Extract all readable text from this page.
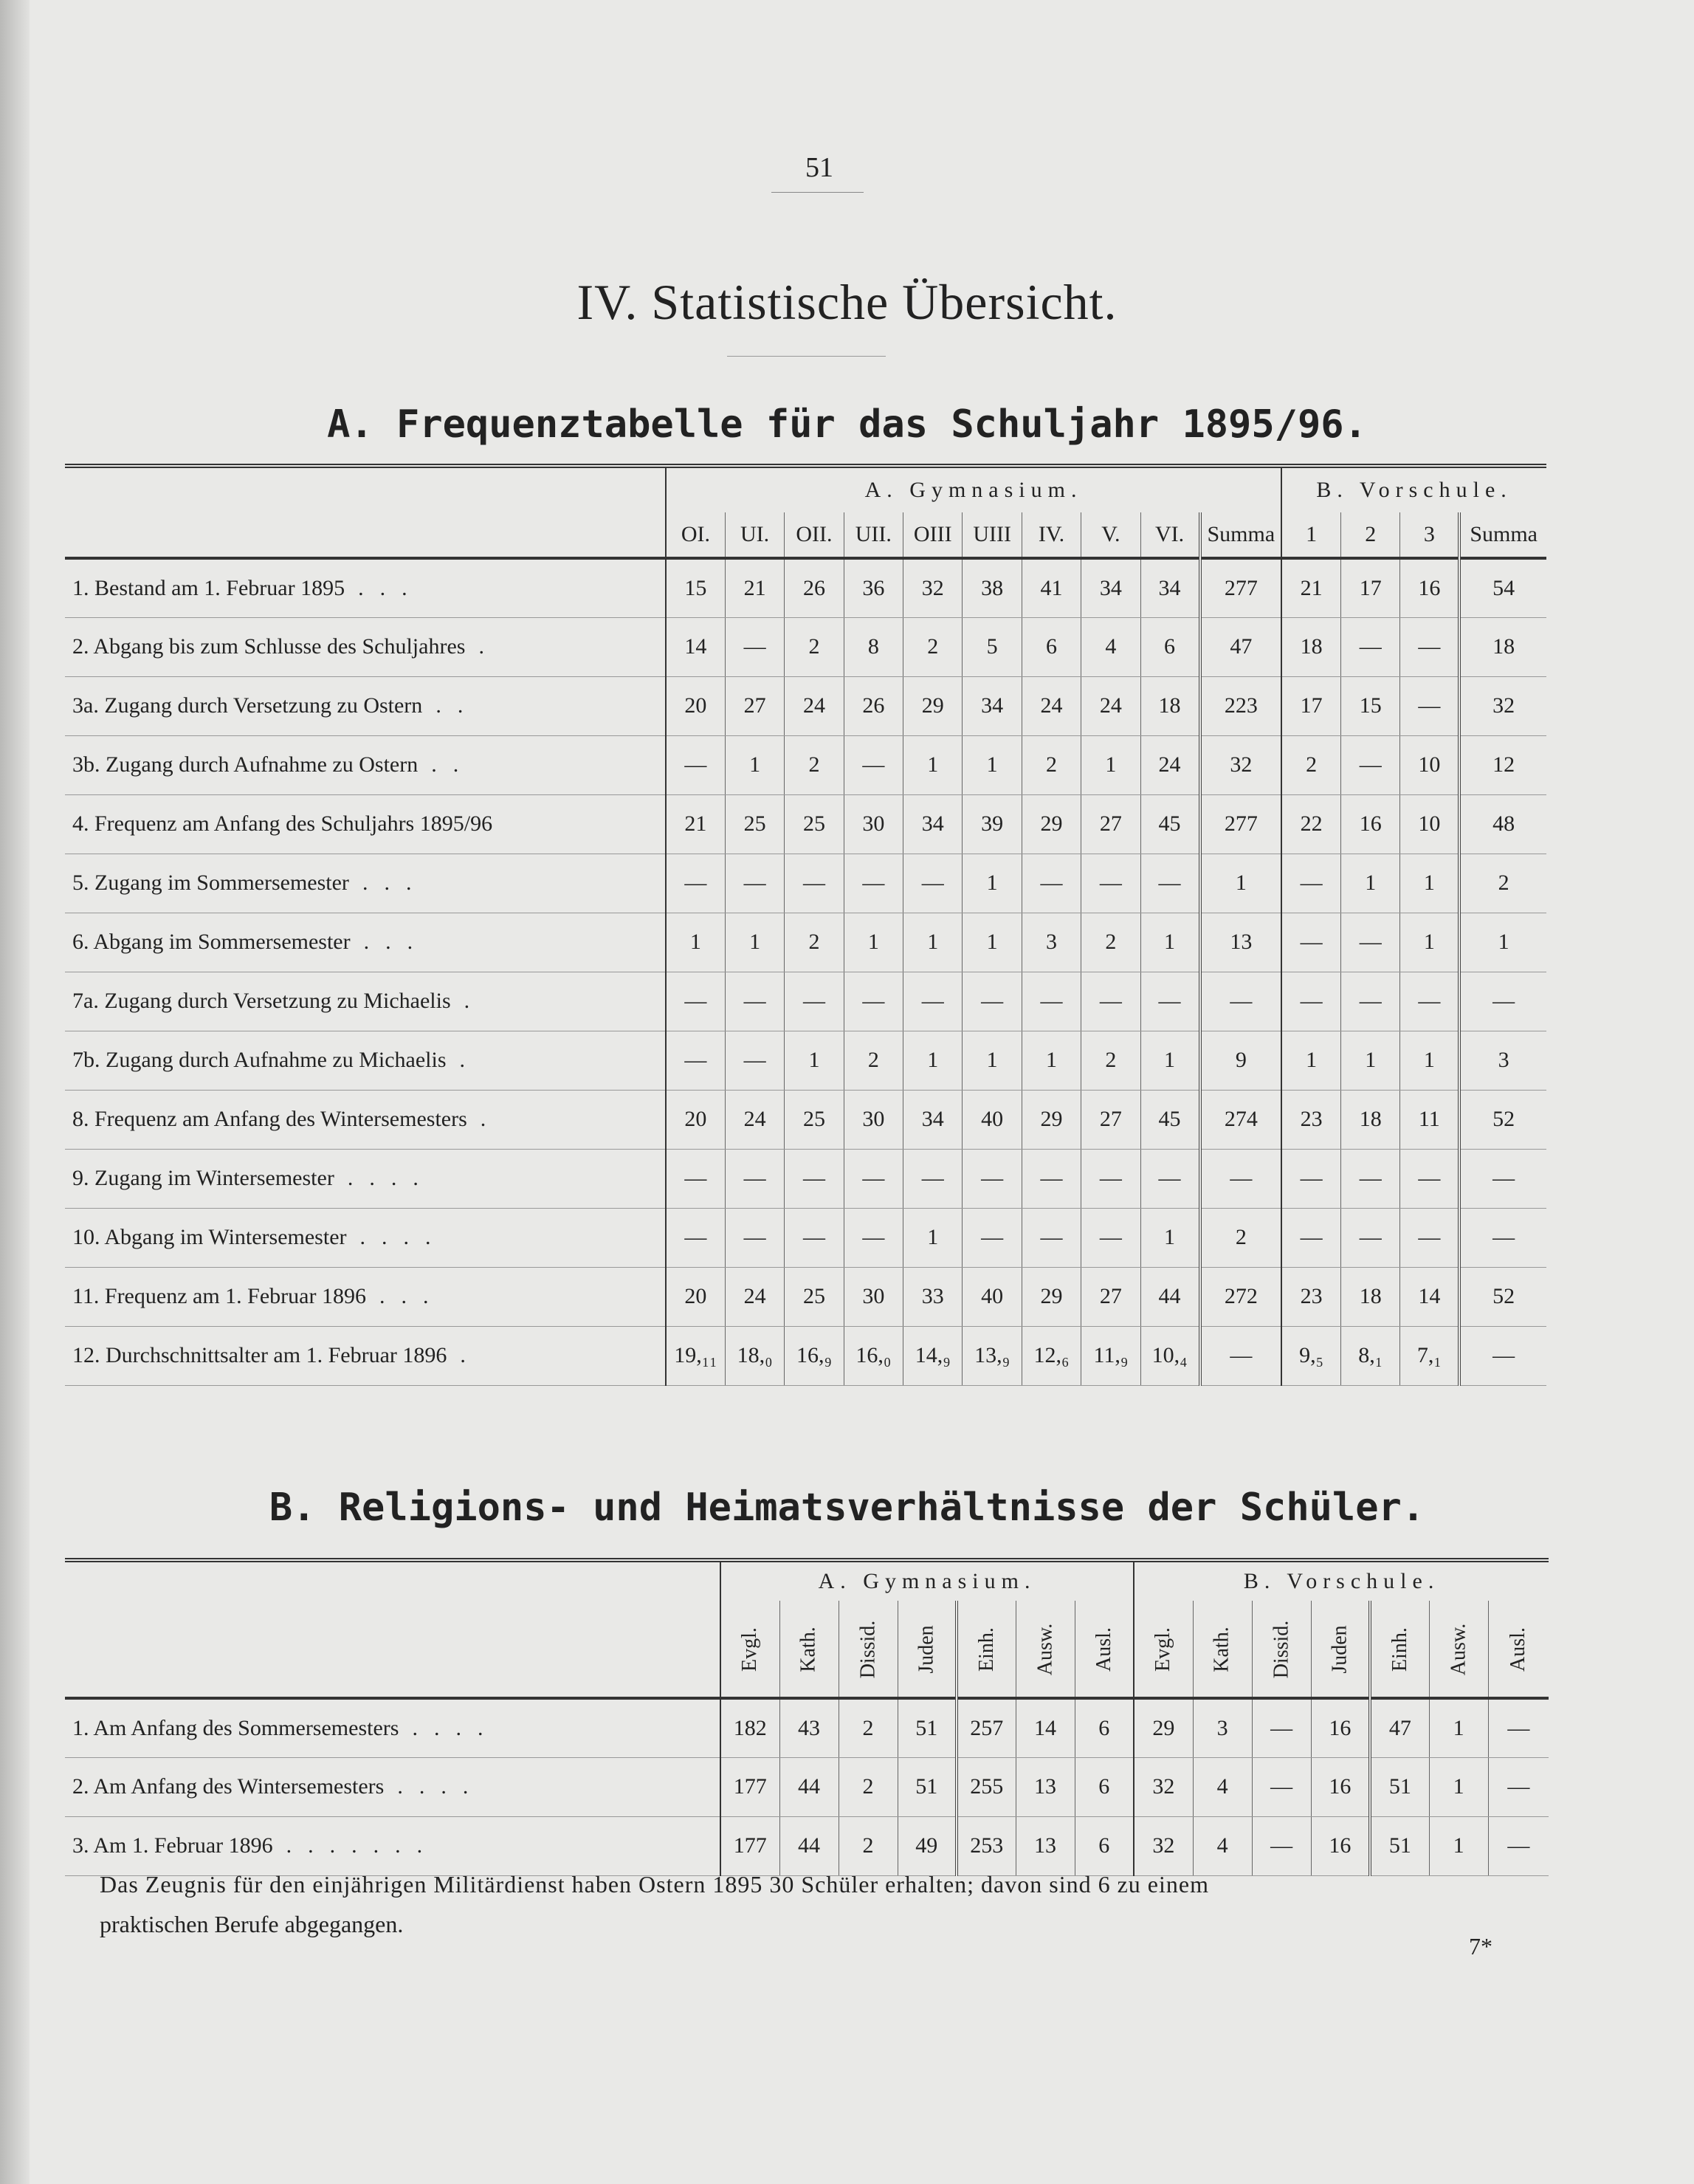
51
IV. Statistische Übersicht.
A. Frequenztabelle für das Schuljahr 1895/96.
	A. Gymnasium.										B. Vorschule.			
	OI.	UI.	OII.	UII.	OIII	UIII	IV.	V.	VI.	Summa	1	2	3	Summa
1. Bestand am 1. Februar 1895 ...	15	21	26	36	32	38	41	34	34	277	21	17	16	54
2. Abgang bis zum Schlusse des Schuljahres .	14	—	2	8	2	5	6	4	6	47	18	—	—	18
3a. Zugang durch Versetzung zu Ostern ..	20	27	24	26	29	34	24	24	18	223	17	15	—	32
3b. Zugang durch Aufnahme zu Ostern ..	—	1	2	—	1	1	2	1	24	32	2	—	10	12
4. Frequenz am Anfang des Schuljahrs 1895/96	21	25	25	30	34	39	29	27	45	277	22	16	10	48
5. Zugang im Sommersemester ...	—	—	—	—	—	1	—	—	—	1	—	1	1	2
6. Abgang im Sommersemester ...	1	1	2	1	1	1	3	2	1	13	—	—	1	1
7a. Zugang durch Versetzung zu Michaelis .	—	—	—	—	—	—	—	—	—	—	—	—	—	—
7b. Zugang durch Aufnahme zu Michaelis .	—	—	1	2	1	1	1	2	1	9	1	1	1	3
8. Frequenz am Anfang des Wintersemesters .	20	24	25	30	34	40	29	27	45	274	23	18	11	52
9. Zugang im Wintersemester ....	—	—	—	—	—	—	—	—	—	—	—	—	—	—
10. Abgang im Wintersemester ....	—	—	—	—	1	—	—	—	1	2	—	—	—	—
11. Frequenz am 1. Februar 1896 ...	20	24	25	30	33	40	29	27	44	272	23	18	14	52
12. Durchschnittsalter am 1. Februar 1896 .	19,₁₁	18,₀	16,₉	16,₀	14,₉	13,₉	12,₆	11,₉	10,₄	—	9,₅	8,₁	7,₁	—
B. Religions- und Heimatsverhältnisse der Schüler.
	A. Gymnasium.							B. Vorschule.						
	Evgl.	Kath.	Dissid.	Juden	Einh.	Ausw.	Ausl.	Evgl.	Kath.	Dissid.	Juden	Einh.	Ausw.	Ausl.
1. Am Anfang des Sommersemesters ....	182	43	2	51	257	14	6	29	3	—	16	47	1	—
2. Am Anfang des Wintersemesters ....	177	44	2	51	255	13	6	32	4	—	16	51	1	—
3. Am 1. Februar 1896 .......	177	44	2	49	253	13	6	32	4	—	16	51	1	—
Das Zeugnis für den einjährigen Militärdienst haben Ostern 1895 30 Schüler erhalten; davon sind 6 zu einem
praktischen Berufe abgegangen.
7*
